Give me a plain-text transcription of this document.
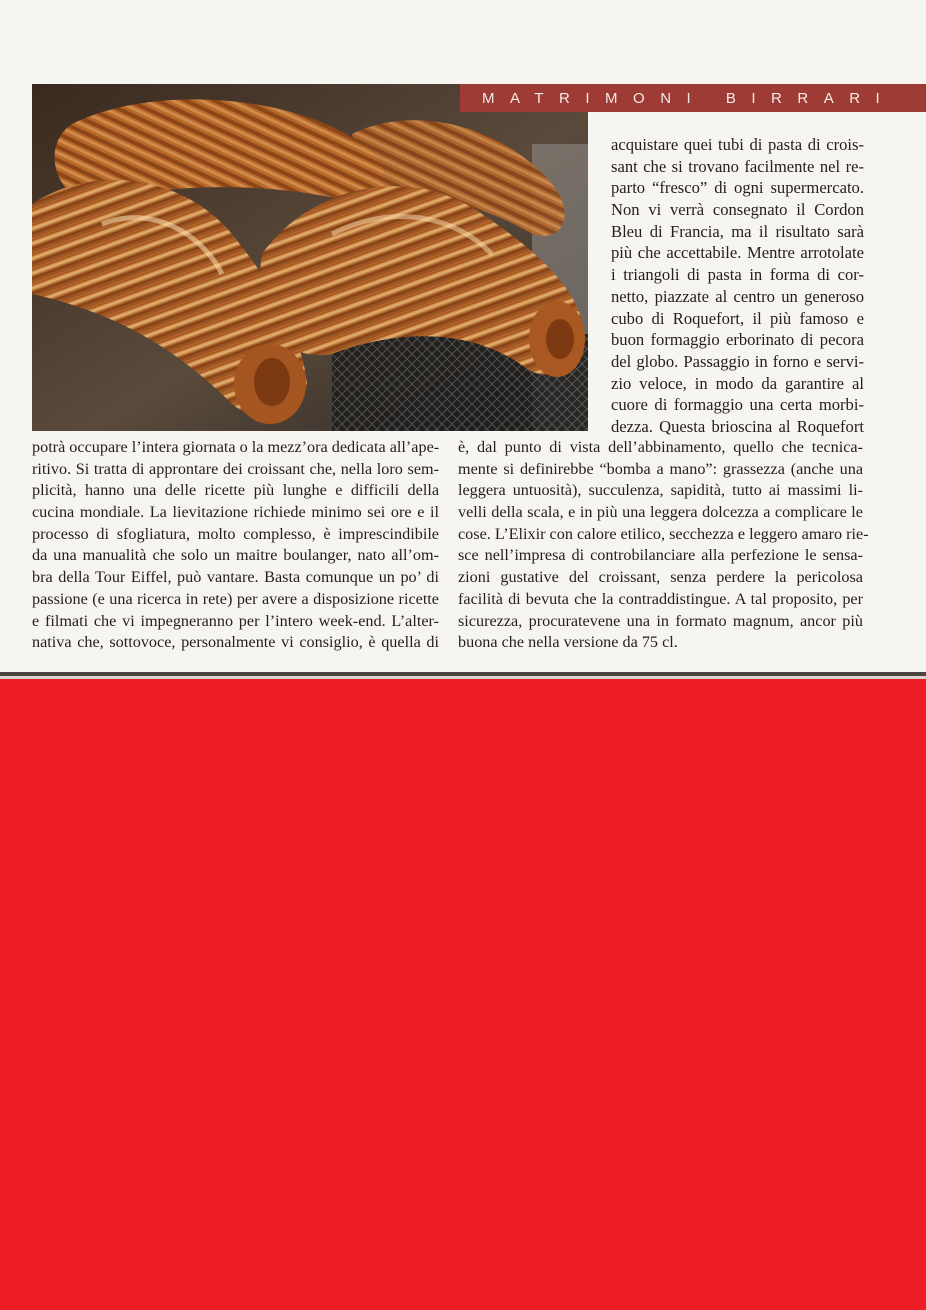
MATRIMONI BIRRARI
acquistare quei tubi di pasta di crois-
sant che si trovano facilmente nel re-
parto “fresco” di ogni supermercato.
Non vi verrà consegnato il Cordon
Bleu di Francia, ma il risultato sarà
più che accettabile. Mentre arrotolate
i triangoli di pasta in forma di cor-
netto, piazzate al centro un generoso
cubo di Roquefort, il più famoso e
buon formaggio erborinato di pecora
del globo. Passaggio in forno e servi-
zio veloce, in modo da garantire al
cuore di formaggio una certa morbi-
dezza. Questa brioscina al Roquefort
potrà occupare l’intera giornata o la mezz’ora dedicata all’ape-
ritivo. Si tratta di approntare dei croissant che, nella loro sem-
plicità, hanno una delle ricette più lunghe e difficili della
cucina mondiale. La lievitazione richiede minimo sei ore e il
processo di sfogliatura, molto complesso, è imprescindibile
da una manualità che solo un maitre boulanger, nato all’om-
bra della Tour Eiffel, può vantare. Basta comunque un po’ di
passione (e una ricerca in rete) per avere a disposizione ricette
e filmati che vi impegneranno per l’intero week-end. L’alter-
nativa che, sottovoce, personalmente vi consiglio, è quella di
è, dal punto di vista dell’abbinamento, quello che tecnica-
mente si definirebbe “bomba a mano”: grassezza (anche una
leggera untuosità), succulenza, sapidità, tutto ai massimi li-
velli della scala, e in più una leggera dolcezza a complicare le
cose. L’Elixir con calore etilico, secchezza e leggero amaro rie-
sce nell’impresa di controbilanciare alla perfezione le sensa-
zioni gustative del croissant, senza perdere la pericolosa
facilità di bevuta che la contraddistingue. A tal proposito, per
sicurezza, procuratevene una in formato magnum, ancor più
buona che nella versione da 75 cl.
